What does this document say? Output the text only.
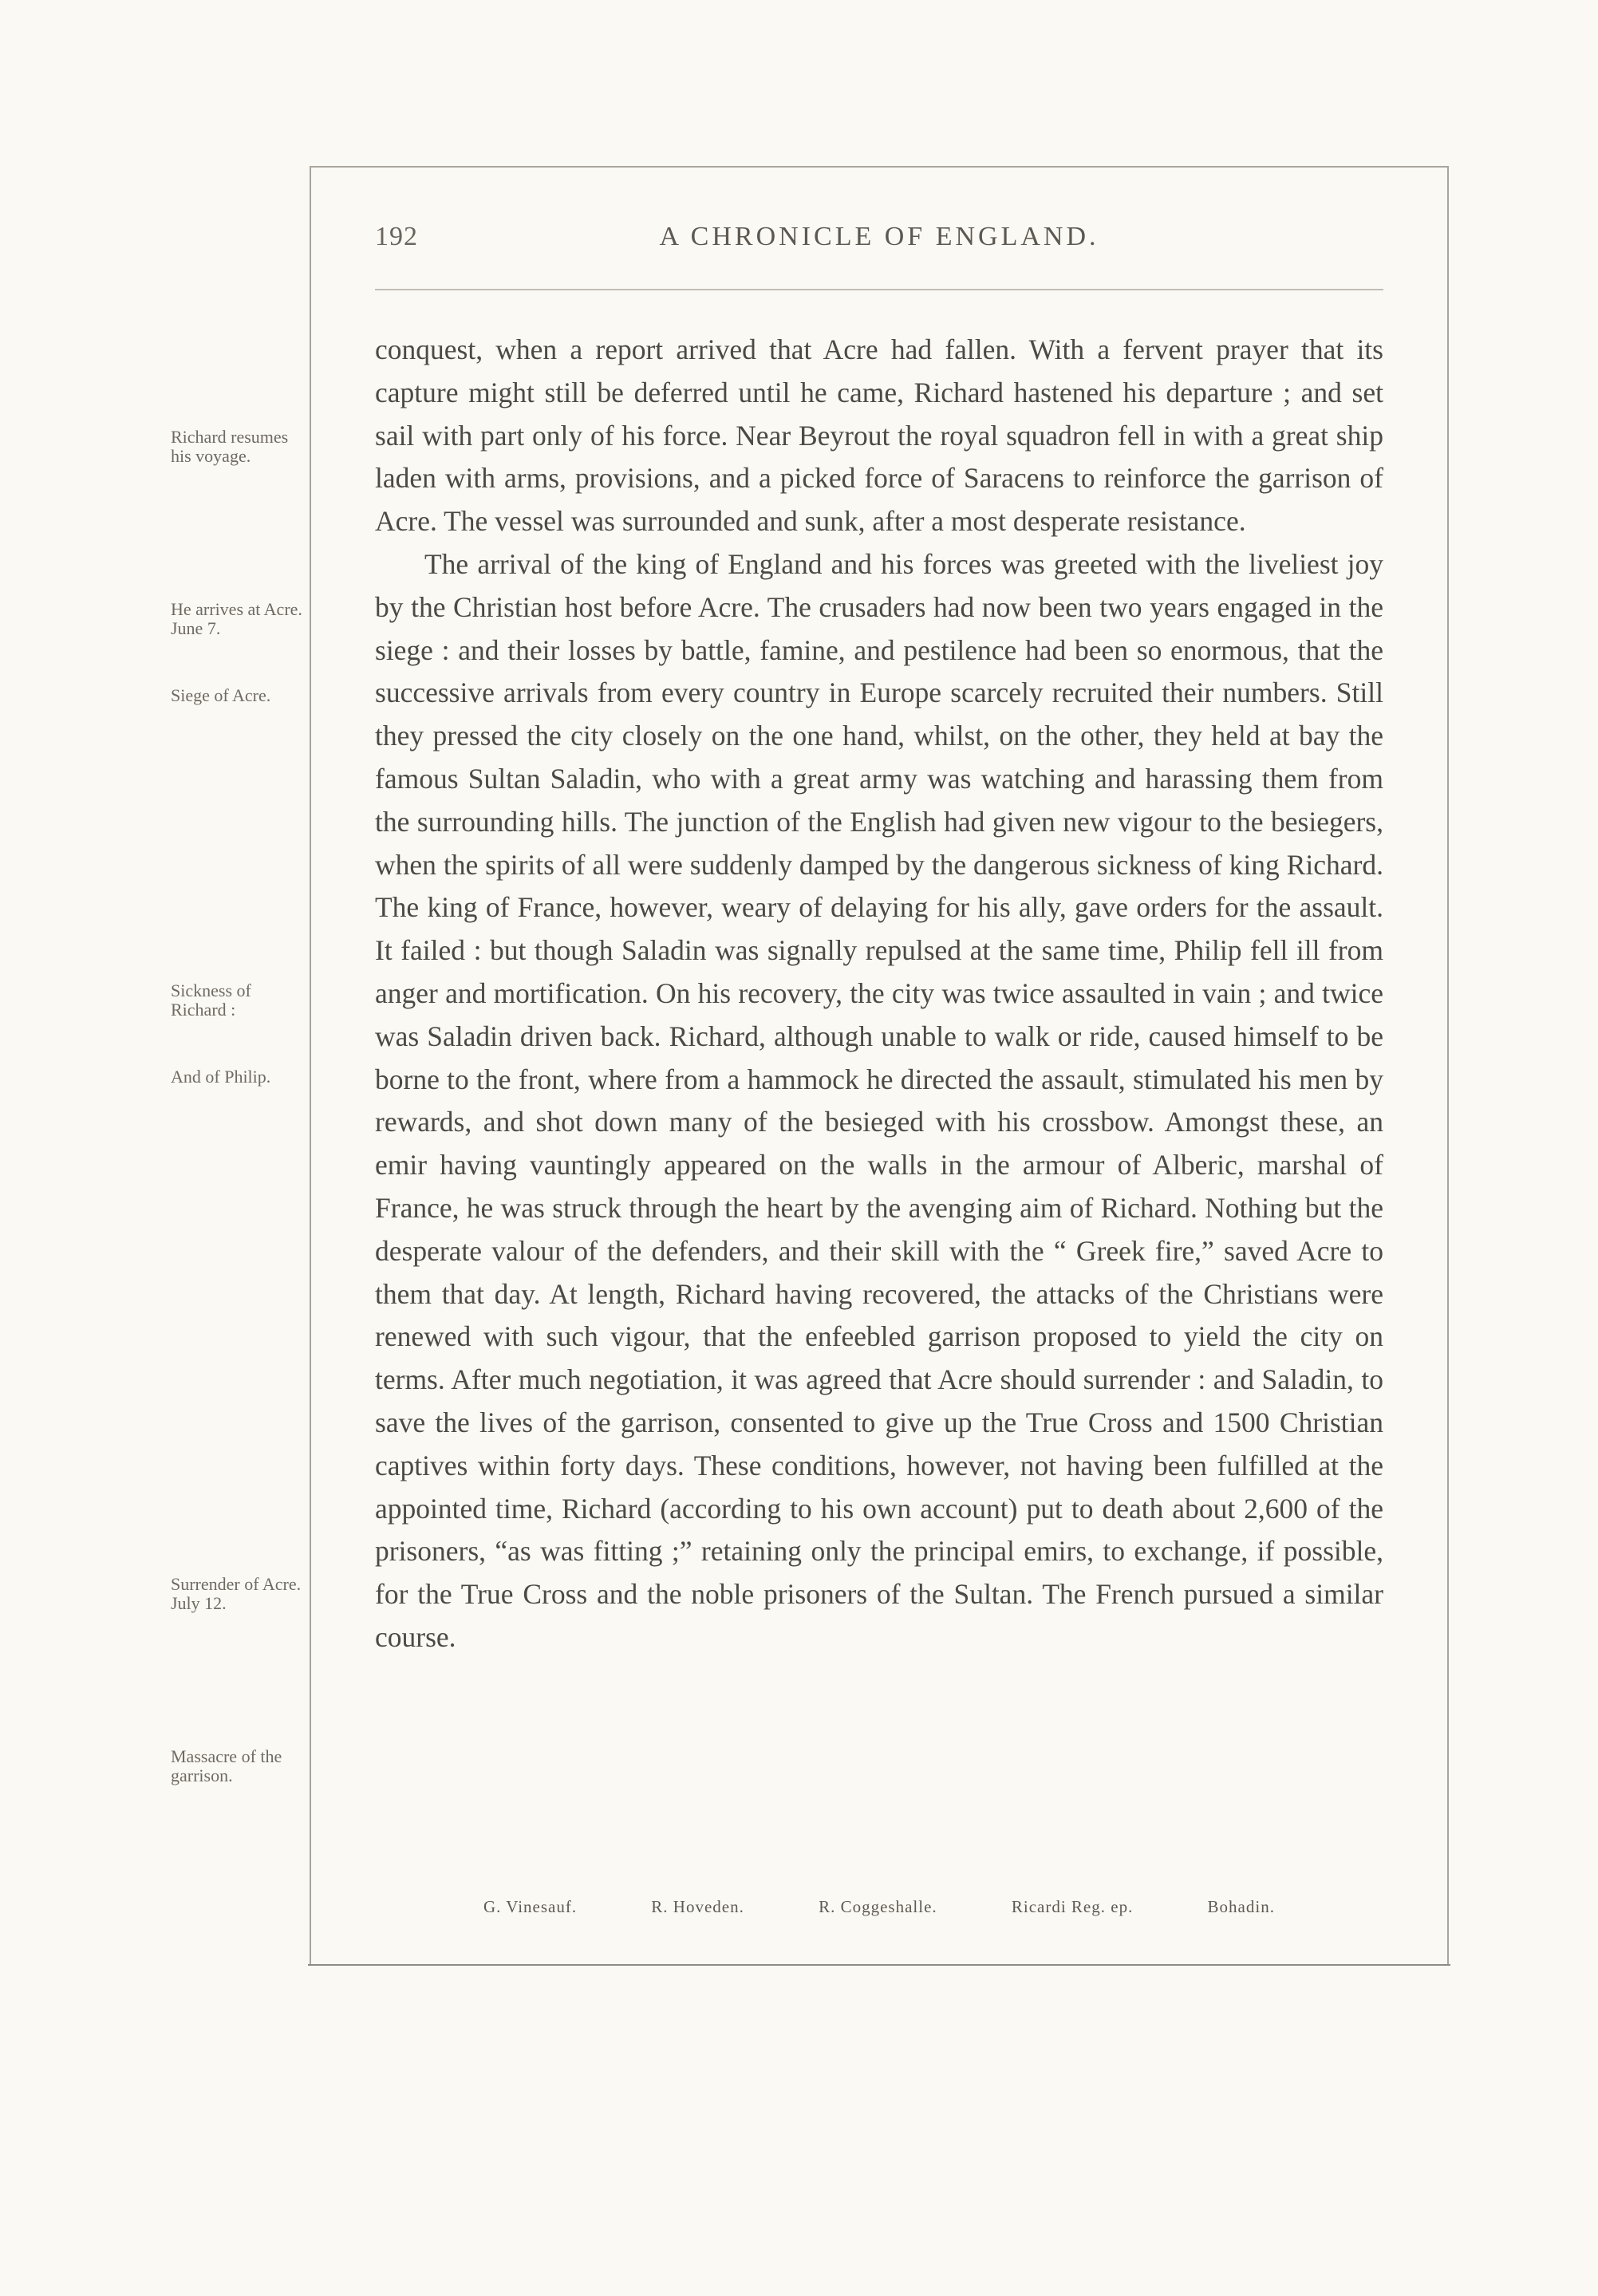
A CHRONICLE OF ENGLAND.
192
Richard resumes his voyage.
He arrives at Acre. June 7.
Siege of Acre.
Sickness of Richard :
And of Philip.
Surrender of Acre. July 12.
Massacre of the garrison.

conquest, when a report arrived that Acre had fallen. With a fervent prayer that its capture might still be deferred until he came, Richard hastened his departure ; and set sail with part only of his force. Near Beyrout the royal squadron fell in with a great ship laden with arms, provisions, and a picked force of Saracens to reinforce the garrison of Acre. The vessel was surrounded and sunk, after a most desperate resistance.

The arrival of the king of England and his forces was greeted with the liveliest joy by the Christian host before Acre. The crusaders had now been two years engaged in the siege : and their losses by battle, famine, and pestilence had been so enormous, that the successive arrivals from every country in Europe scarcely recruited their numbers. Still they pressed the city closely on the one hand, whilst, on the other, they held at bay the famous Sultan Saladin, who with a great army was watching and harassing them from the surrounding hills. The junction of the English had given new vigour to the besiegers, when the spirits of all were suddenly damped by the dangerous sickness of king Richard. The king of France, however, weary of delaying for his ally, gave orders for the assault. It failed : but though Saladin was signally repulsed at the same time, Philip fell ill from anger and mortification. On his recovery, the city was twice assaulted in vain ; and twice was Saladin driven back. Richard, although unable to walk or ride, caused himself to be borne to the front, where from a hammock he directed the assault, stimulated his men by rewards, and shot down many of the besieged with his crossbow. Amongst these, an emir having vauntingly appeared on the walls in the armour of Alberic, marshal of France, he was struck through the heart by the avenging aim of Richard. Nothing but the desperate valour of the defenders, and their skill with the “ Greek fire,” saved Acre to them that day. At length, Richard having recovered, the attacks of the Christians were renewed with such vigour, that the enfeebled garrison proposed to yield the city on terms. After much negotiation, it was agreed that Acre should surrender : and Saladin, to save the lives of the garrison, consented to give up the True Cross and 1500 Christian captives within forty days. These conditions, however, not having been fulfilled at the appointed time, Richard (according to his own account) put to death about 2,600 of the prisoners, “as was fitting ;” retaining only the principal emirs, to exchange, if possible, for the True Cross and the noble prisoners of the Sultan. The French pursued a similar course.

G. Vinesauf.	R. Hoveden.	R. Coggeshalle.	Ricardi Reg. ep.	Bohadin.
